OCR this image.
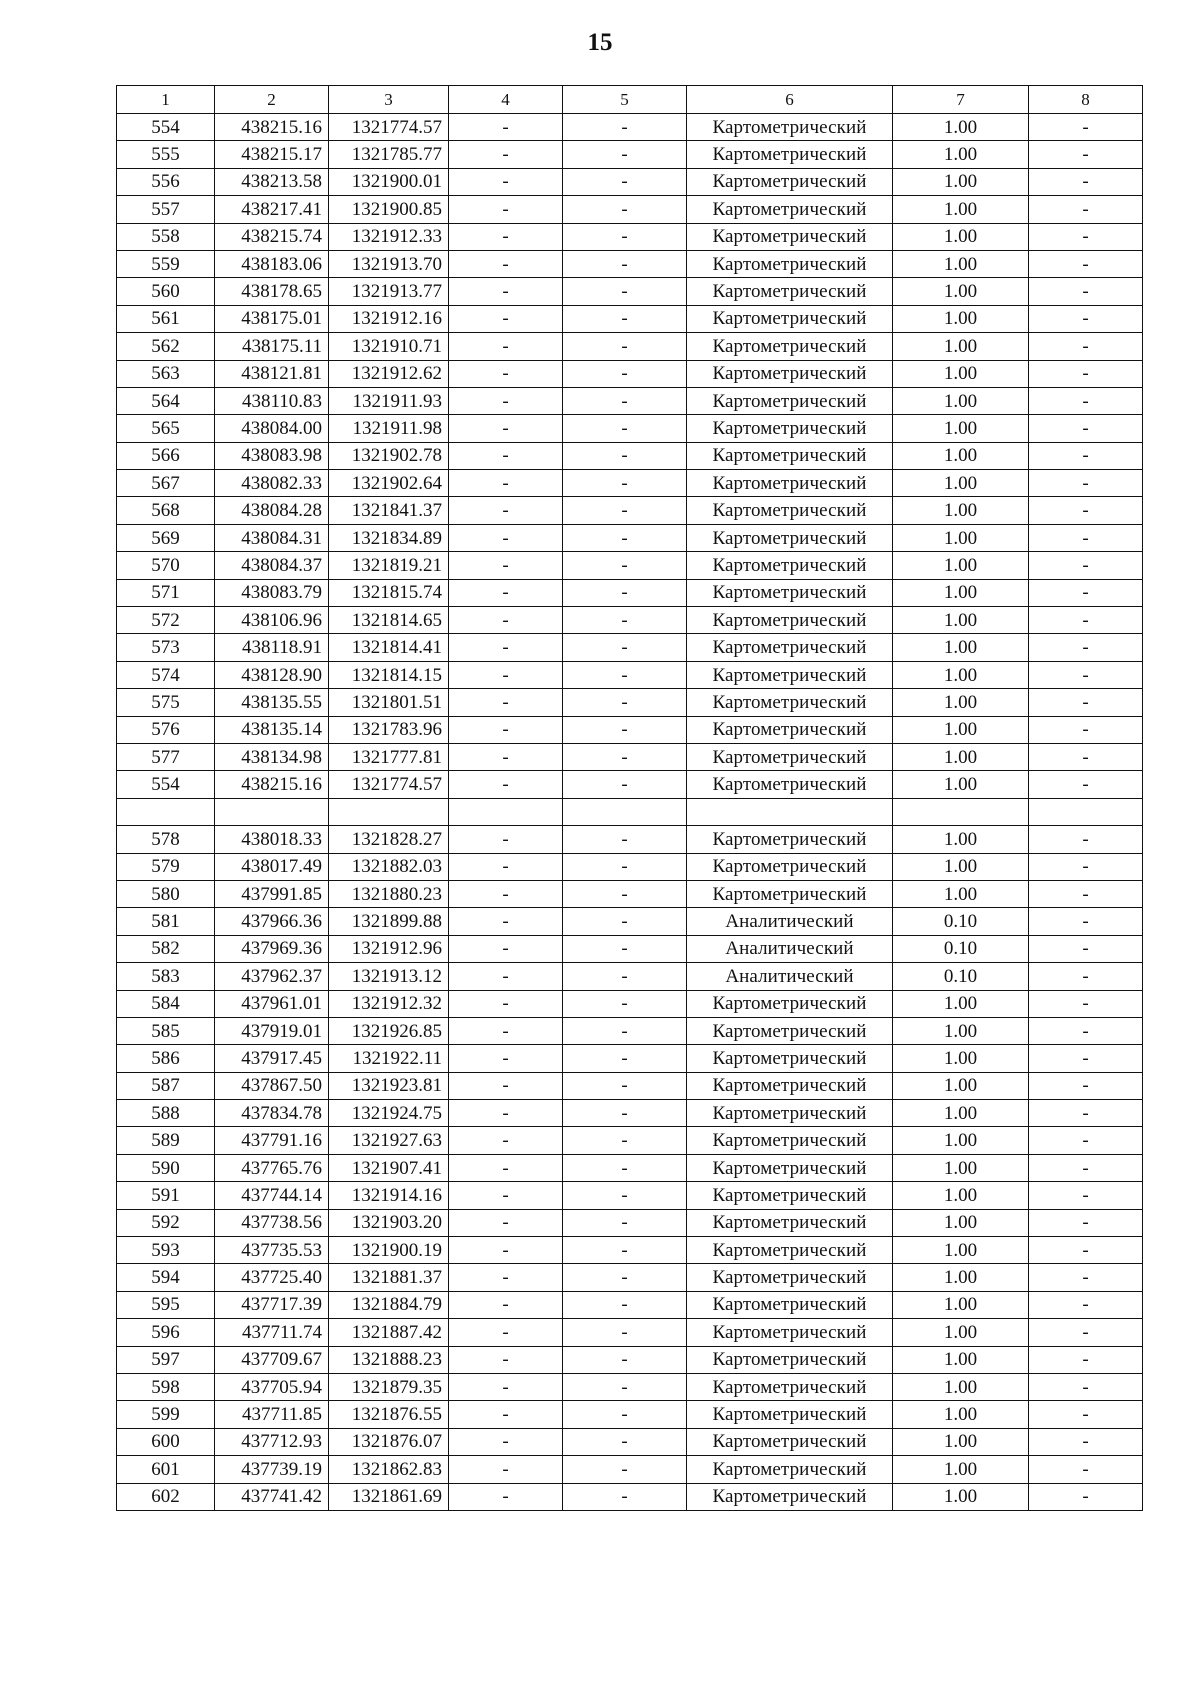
15
1	2	3	4	5	6	7	8
554	438215.16	1321774.57	-	-	Картометрический	1.00	-
555	438215.17	1321785.77	-	-	Картометрический	1.00	-
556	438213.58	1321900.01	-	-	Картометрический	1.00	-
557	438217.41	1321900.85	-	-	Картометрический	1.00	-
558	438215.74	1321912.33	-	-	Картометрический	1.00	-
559	438183.06	1321913.70	-	-	Картометрический	1.00	-
560	438178.65	1321913.77	-	-	Картометрический	1.00	-
561	438175.01	1321912.16	-	-	Картометрический	1.00	-
562	438175.11	1321910.71	-	-	Картометрический	1.00	-
563	438121.81	1321912.62	-	-	Картометрический	1.00	-
564	438110.83	1321911.93	-	-	Картометрический	1.00	-
565	438084.00	1321911.98	-	-	Картометрический	1.00	-
566	438083.98	1321902.78	-	-	Картометрический	1.00	-
567	438082.33	1321902.64	-	-	Картометрический	1.00	-
568	438084.28	1321841.37	-	-	Картометрический	1.00	-
569	438084.31	1321834.89	-	-	Картометрический	1.00	-
570	438084.37	1321819.21	-	-	Картометрический	1.00	-
571	438083.79	1321815.74	-	-	Картометрический	1.00	-
572	438106.96	1321814.65	-	-	Картометрический	1.00	-
573	438118.91	1321814.41	-	-	Картометрический	1.00	-
574	438128.90	1321814.15	-	-	Картометрический	1.00	-
575	438135.55	1321801.51	-	-	Картометрический	1.00	-
576	438135.14	1321783.96	-	-	Картометрический	1.00	-
577	438134.98	1321777.81	-	-	Картометрический	1.00	-
554	438215.16	1321774.57	-	-	Картометрический	1.00	-

578	438018.33	1321828.27	-	-	Картометрический	1.00	-
579	438017.49	1321882.03	-	-	Картометрический	1.00	-
580	437991.85	1321880.23	-	-	Картометрический	1.00	-
581	437966.36	1321899.88	-	-	Аналитический	0.10	-
582	437969.36	1321912.96	-	-	Аналитический	0.10	-
583	437962.37	1321913.12	-	-	Аналитический	0.10	-
584	437961.01	1321912.32	-	-	Картометрический	1.00	-
585	437919.01	1321926.85	-	-	Картометрический	1.00	-
586	437917.45	1321922.11	-	-	Картометрический	1.00	-
587	437867.50	1321923.81	-	-	Картометрический	1.00	-
588	437834.78	1321924.75	-	-	Картометрический	1.00	-
589	437791.16	1321927.63	-	-	Картометрический	1.00	-
590	437765.76	1321907.41	-	-	Картометрический	1.00	-
591	437744.14	1321914.16	-	-	Картометрический	1.00	-
592	437738.56	1321903.20	-	-	Картометрический	1.00	-
593	437735.53	1321900.19	-	-	Картометрический	1.00	-
594	437725.40	1321881.37	-	-	Картометрический	1.00	-
595	437717.39	1321884.79	-	-	Картометрический	1.00	-
596	437711.74	1321887.42	-	-	Картометрический	1.00	-
597	437709.67	1321888.23	-	-	Картометрический	1.00	-
598	437705.94	1321879.35	-	-	Картометрический	1.00	-
599	437711.85	1321876.55	-	-	Картометрический	1.00	-
600	437712.93	1321876.07	-	-	Картометрический	1.00	-
601	437739.19	1321862.83	-	-	Картометрический	1.00	-
602	437741.42	1321861.69	-	-	Картометрический	1.00	-
